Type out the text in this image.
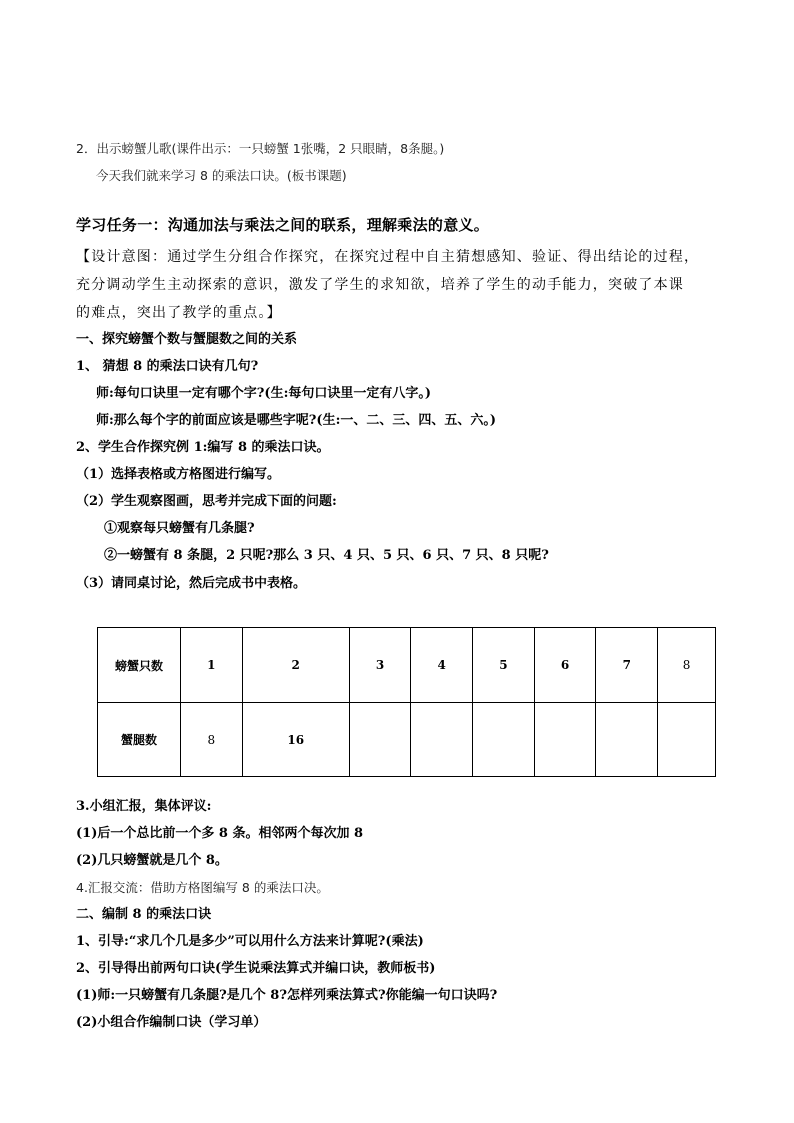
2．出示螃蟹儿歌(课件出示：一只螃蟹 1张嘴，2 只眼睛，8条腿。)
今天我们就来学习 8 的乘法口诀。(板书课题)
学习任务一：沟通加法与乘法之间的联系，理解乘法的意义。
【设计意图：通过学生分组合作探究，在探究过程中自主猜想感知、验证、得出结论的过程，
充分调动学生主动探索的意识，激发了学生的求知欲，培养了学生的动手能力，突破了本课
的难点，突出了教学的重点。】
一、探究螃蟹个数与蟹腿数之间的关系
1、 猜想 8 的乘法口诀有几句?
师:每句口诀里一定有哪个字?(生:每句口诀里一定有八字。)
师:那么每个字的前面应该是哪些字呢?(生:一、二、三、四、五、六。)
2、学生合作探究例 1:编写 8 的乘法口诀。
（1）选择表格或方格图进行编写。
（2）学生观察图画，思考并完成下面的问题:
①观察每只螃蟹有几条腿?
②一螃蟹有 8 条腿，2 只呢?那么 3 只、4 只、5 只、6 只、7 只、8 只呢?
（3）请同桌讨论，然后完成书中表格。
螃蟹只数	1	2	3	4	5	6	7	8
蟹腿数	8	16						
3.小组汇报，集体评议:
(1)后一个总比前一个多 8 条。相邻两个每次加 8
(2)几只螃蟹就是几个 8。
4.汇报交流：借助方格图编写 8 的乘法口决。
二、编制 8 的乘法口诀
1、引导:“求几个几是多少”可以用什么方法来计算呢?(乘法)
2、引导得出前两句口诀(学生说乘法算式并编口诀，教师板书)
(1)师:一只螃蟹有几条腿?是几个 8?怎样列乘法算式?你能编一句口诀吗?
(2)小组合作编制口诀（学习单）
